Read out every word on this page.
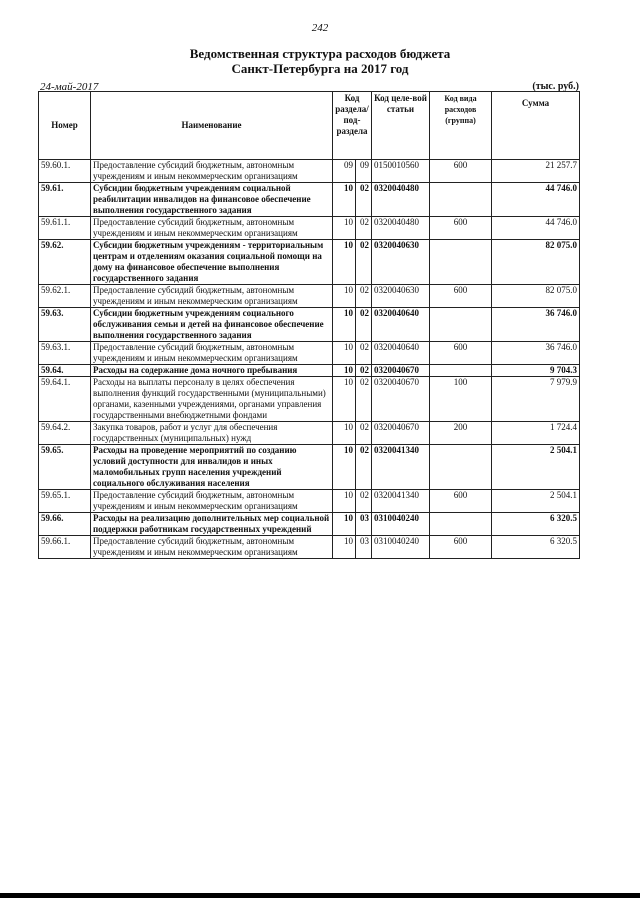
242
Ведомственная структура расходов бюджета
Санкт-Петербурга на 2017 год
24-май-2017	(тыс. руб.)
Номер	Наименование	Код раздела/ под-раздела		Код целе-вой статьи	Код вида расходов (группа)	Сумма
59.60.1.	Предоставление субсидий бюджетным, автономным учреждениям и иным некоммерческим организациям	09	09	0150010560	600	21 257.7
59.61.	Субсидии бюджетным учреждениям социальной реабилитации инвалидов на финансовое обеспечение выполнения государственного задания	10	02	0320040480		44 746.0
59.61.1.	Предоставление субсидий бюджетным, автономным учреждениям и иным некоммерческим организациям	10	02	0320040480	600	44 746.0
59.62.	Субсидии бюджетным учреждениям - территориальным центрам и отделениям оказания социальной помощи на дому на финансовое обеспечение выполнения государственного задания	10	02	0320040630		82 075.0
59.62.1.	Предоставление субсидий бюджетным, автономным учреждениям и иным некоммерческим организациям	10	02	0320040630	600	82 075.0
59.63.	Субсидии бюджетным учреждениям социального обслуживания семьи и детей на финансовое обеспечение выполнения государственного задания	10	02	0320040640		36 746.0
59.63.1.	Предоставление субсидий бюджетным, автономным учреждениям и иным некоммерческим организациям	10	02	0320040640	600	36 746.0
59.64.	Расходы на содержание дома ночного пребывания	10	02	0320040670		9 704.3
59.64.1.	Расходы на выплаты персоналу в целях обеспечения выполнения функций государственными (муниципальными) органами, казенными учреждениями, органами управления государственными внебюджетными фондами	10	02	0320040670	100	7 979.9
59.64.2.	Закупка товаров, работ и услуг для обеспечения государственных (муниципальных) нужд	10	02	0320040670	200	1 724.4
59.65.	Расходы на проведение мероприятий по созданию условий доступности для инвалидов и иных маломобильных групп населения учреждений социального обслуживания населения	10	02	0320041340		2 504.1
59.65.1.	Предоставление субсидий бюджетным, автономным учреждениям и иным некоммерческим организациям	10	02	0320041340	600	2 504.1
59.66.	Расходы на реализацию дополнительных мер социальной поддержки работникам государственных учреждений	10	03	0310040240		6 320.5
59.66.1.	Предоставление субсидий бюджетным, автономным учреждениям и иным некоммерческим организациям	10	03	0310040240	600	6 320.5
